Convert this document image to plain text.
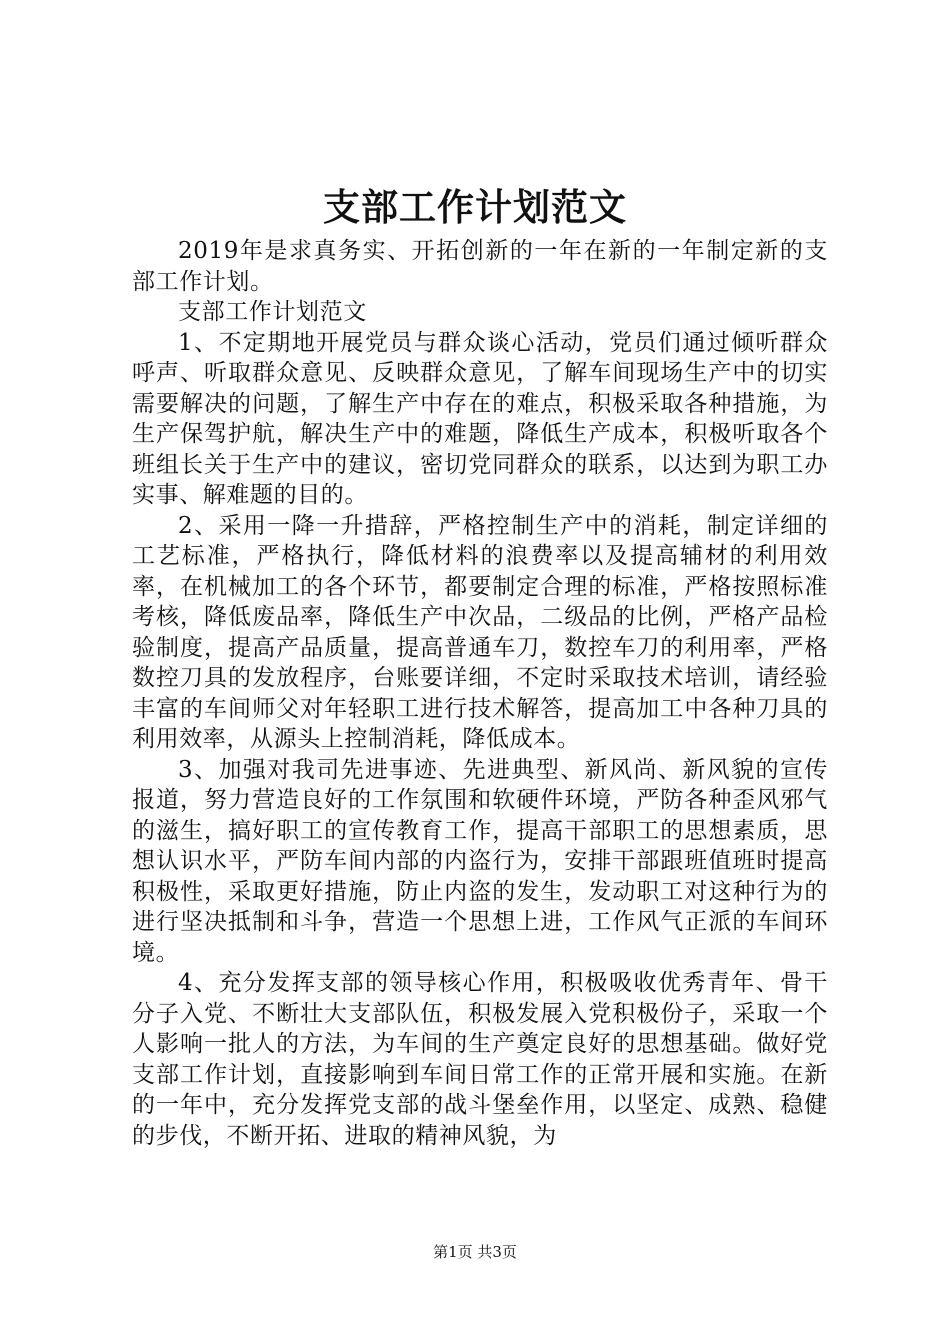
支部工作计划范文

2019年是求真务实、开拓创新的一年在新的一年制定新的支部工作计划。

支部工作计划范文

1、不定期地开展党员与群众谈心活动，党员们通过倾听群众呼声、听取群众意见、反映群众意见，了解车间现场生产中的切实需要解决的问题，了解生产中存在的难点，积极采取各种措施，为生产保驾护航，解决生产中的难题，降低生产成本，积极听取各个班组长关于生产中的建议，密切党同群众的联系，以达到为职工办实事、解难题的目的。

2、采用一降一升措辞，严格控制生产中的消耗，制定详细的工艺标准，严格执行，降低材料的浪费率以及提高辅材的利用效率，在机械加工的各个环节，都要制定合理的标准，严格按照标准考核，降低废品率，降低生产中次品，二级品的比例，严格产品检验制度，提高产品质量，提高普通车刀，数控车刀的利用率，严格数控刀具的发放程序，台账要详细，不定时采取技术培训，请经验丰富的车间师父对年轻职工进行技术解答，提高加工中各种刀具的利用效率，从源头上控制消耗，降低成本。

3、加强对我司先进事迹、先进典型、新风尚、新风貌的宣传报道，努力营造良好的工作氛围和软硬件环境，严防各种歪风邪气的滋生，搞好职工的宣传教育工作，提高干部职工的思想素质，思想认识水平，严防车间内部的内盗行为，安排干部跟班值班时提高积极性，采取更好措施，防止内盗的发生，发动职工对这种行为的进行坚决抵制和斗争，营造一个思想上进，工作风气正派的车间环境。

4、充分发挥支部的领导核心作用，积极吸收优秀青年、骨干分子入党、不断壮大支部队伍，积极发展入党积极份子，采取一个人影响一批人的方法，为车间的生产奠定良好的思想基础。做好党支部工作计划，直接影响到车间日常工作的正常开展和实施。在新的一年中，充分发挥党支部的战斗堡垒作用，以坚定、成熟、稳健的步伐，不断开拓、进取的精神风貌，为

第1页 共3页
